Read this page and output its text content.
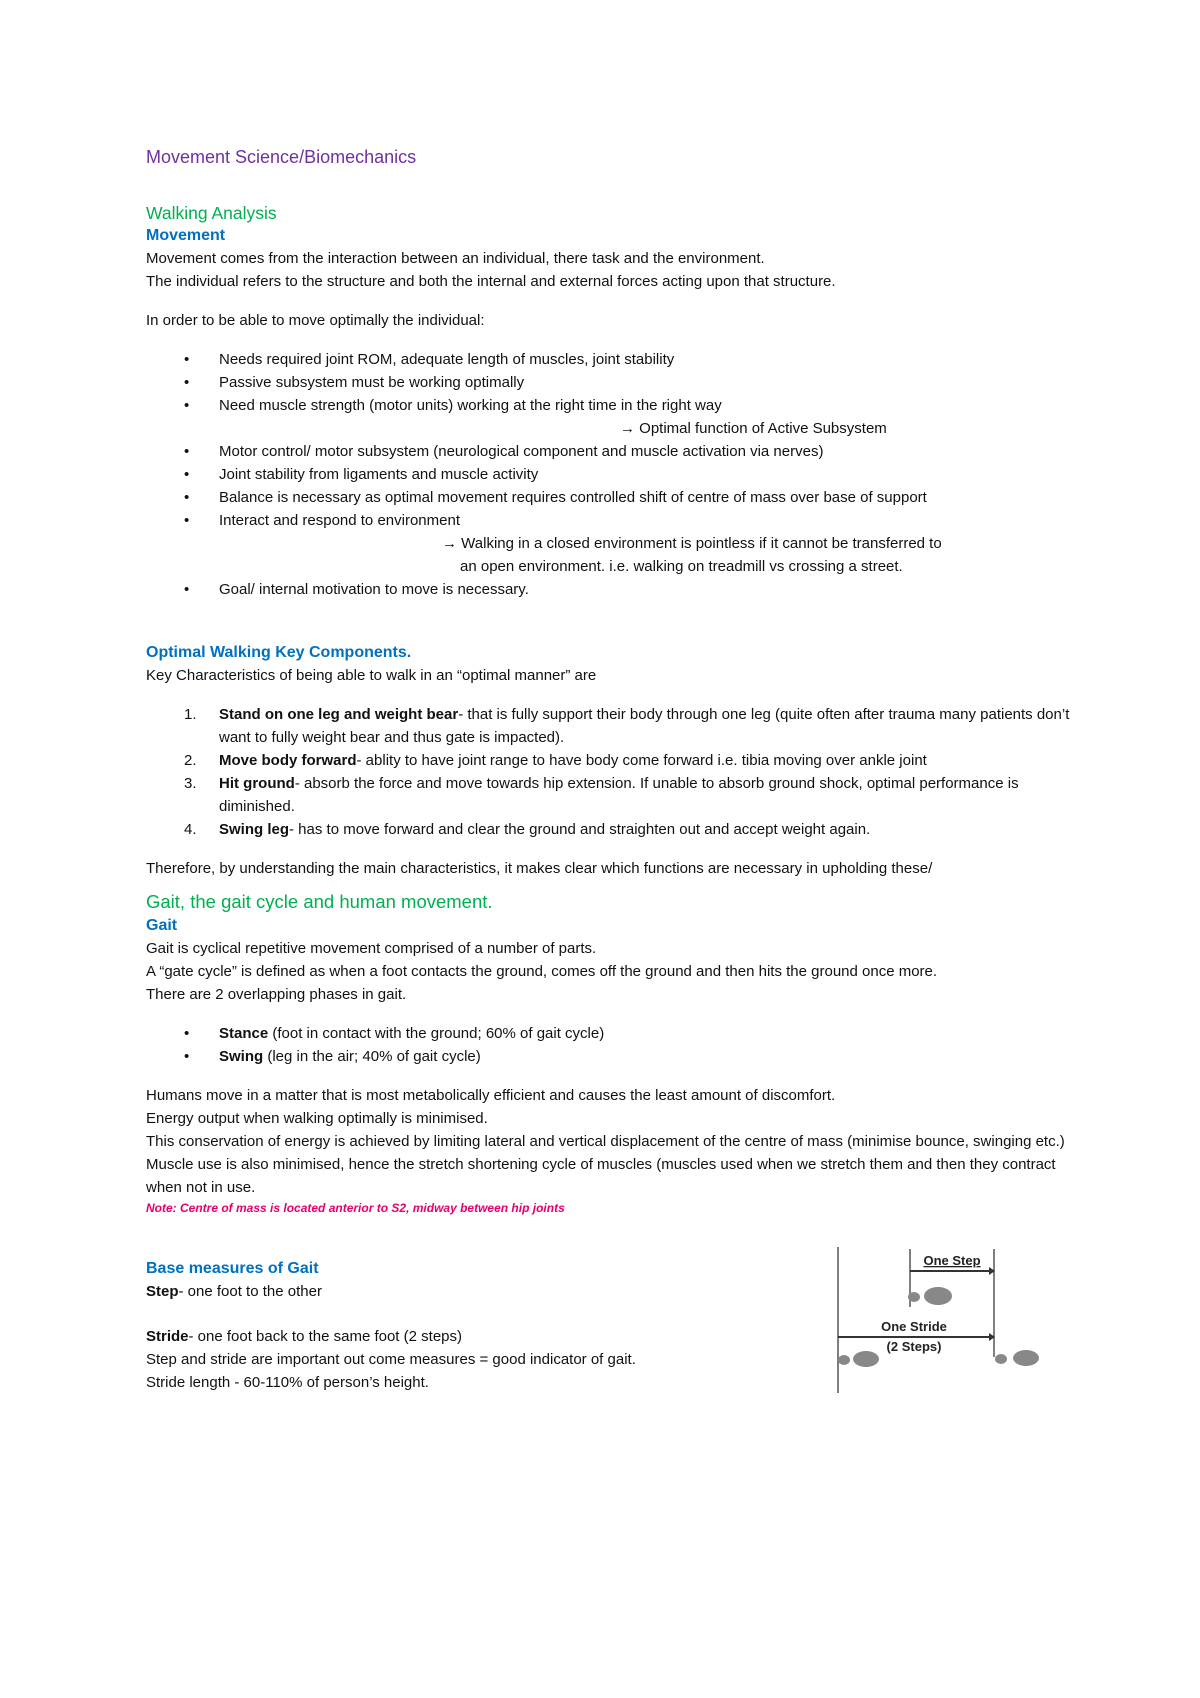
Movement Science/Biomechanics

Walking Analysis

Movement

Movement comes from the interaction between an individual, there task and the environment.

The individual refers to the structure and both the internal and external forces acting upon that structure.

In order to be able to move optimally the individual:

• Needs required joint ROM, adequate length of muscles, joint stability
• Passive subsystem must be working optimally
• Need muscle strength (motor units) working at the right time in the right way

→ Optimal function of Active Subsystem

• Motor control/ motor subsystem (neurological component and muscle activation via nerves)
• Joint stability from ligaments and muscle activity
• Balance is necessary as optimal movement requires controlled shift of centre of mass over base of support
• Interact and respond to environment

→ Walking in a closed environment is pointless if it cannot be transferred to

an open environment. i.e. walking on treadmill vs crossing a street.

• Goal/ internal motivation to move is necessary.

Optimal Walking Key Components.

Key Characteristics of being able to walk in an “optimal manner” are

1. Stand on one leg and weight bear- that is fully support their body through one leg (quite often after trauma many patients don’t want to fully weight bear and thus gate is impacted).
2. Move body forward- ablity to have joint range to have body come forward i.e. tibia moving over ankle joint
3. Hit ground- absorb the force and move towards hip extension. If unable to absorb ground shock, optimal performance is diminished.
4. Swing leg- has to move forward and clear the ground and straighten out and accept weight again.

Therefore, by understanding the main characteristics, it makes clear which functions are necessary in upholding these/

Gait, the gait cycle and human movement.

Gait

Gait is cyclical repetitive movement comprised of a number of parts.

A “gate cycle” is defined as when a foot contacts the ground, comes off the ground and then hits the ground once more.

There are 2 overlapping phases in gait.

• Stance (foot in contact with the ground; 60% of gait cycle)
• Swing (leg in the air; 40% of gait cycle)

Humans move in a matter that is most metabolically efficient and causes the least amount of discomfort.

Energy output when walking optimally is minimised.

This conservation of energy is achieved by limiting lateral and vertical displacement of the centre of mass (minimise bounce, swinging etc.)

Muscle use is also minimised, hence the stretch shortening cycle of muscles (muscles used when we stretch them and then they contract when not in use.

Note: Centre of mass is located anterior to S2, midway between hip joints

Base measures of Gait

Step- one foot to the other

Stride- one foot back to the same foot (2 steps)

Step and stride are important out come measures = good indicator of gait.

Stride length - 60-110% of person’s height.

One Step
One Stride
(2 Steps)
